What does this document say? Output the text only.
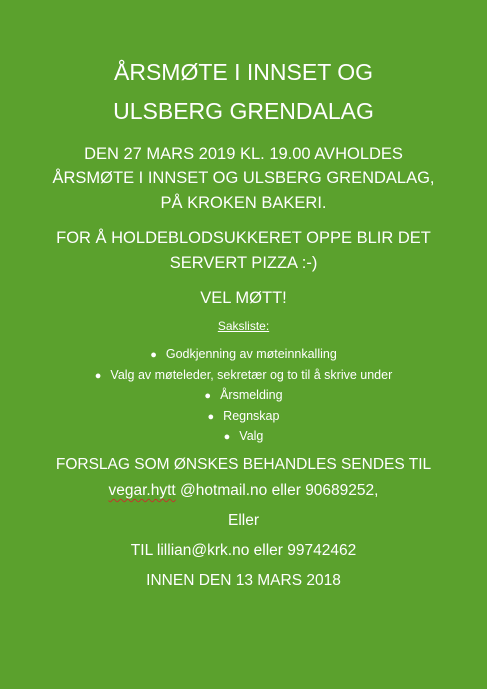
ÅRSMØTE I INNSET OG
ULSBERG GRENDALAG
DEN 27 MARS 2019 KL. 19.00 AVHOLDES
ÅRSMØTE I INNSET OG ULSBERG GRENDALAG,
PÅ KROKEN BAKERI.
FOR Å HOLDEBLODSUKKERET OPPE BLIR DET
SERVERT PIZZA :-)
VEL MØTT!
Saksliste:
● Godkjenning av møteinnkalling
● Valg av møteleder, sekretær og to til å skrive under
● Årsmelding
● Regnskap
● Valg
FORSLAG SOM ØNSKES BEHANDLES SENDES TIL
vegar.hytt @hotmail.no eller 90689252,
Eller
TIL lillian@krk.no eller 99742462
INNEN DEN 13 MARS 2018
